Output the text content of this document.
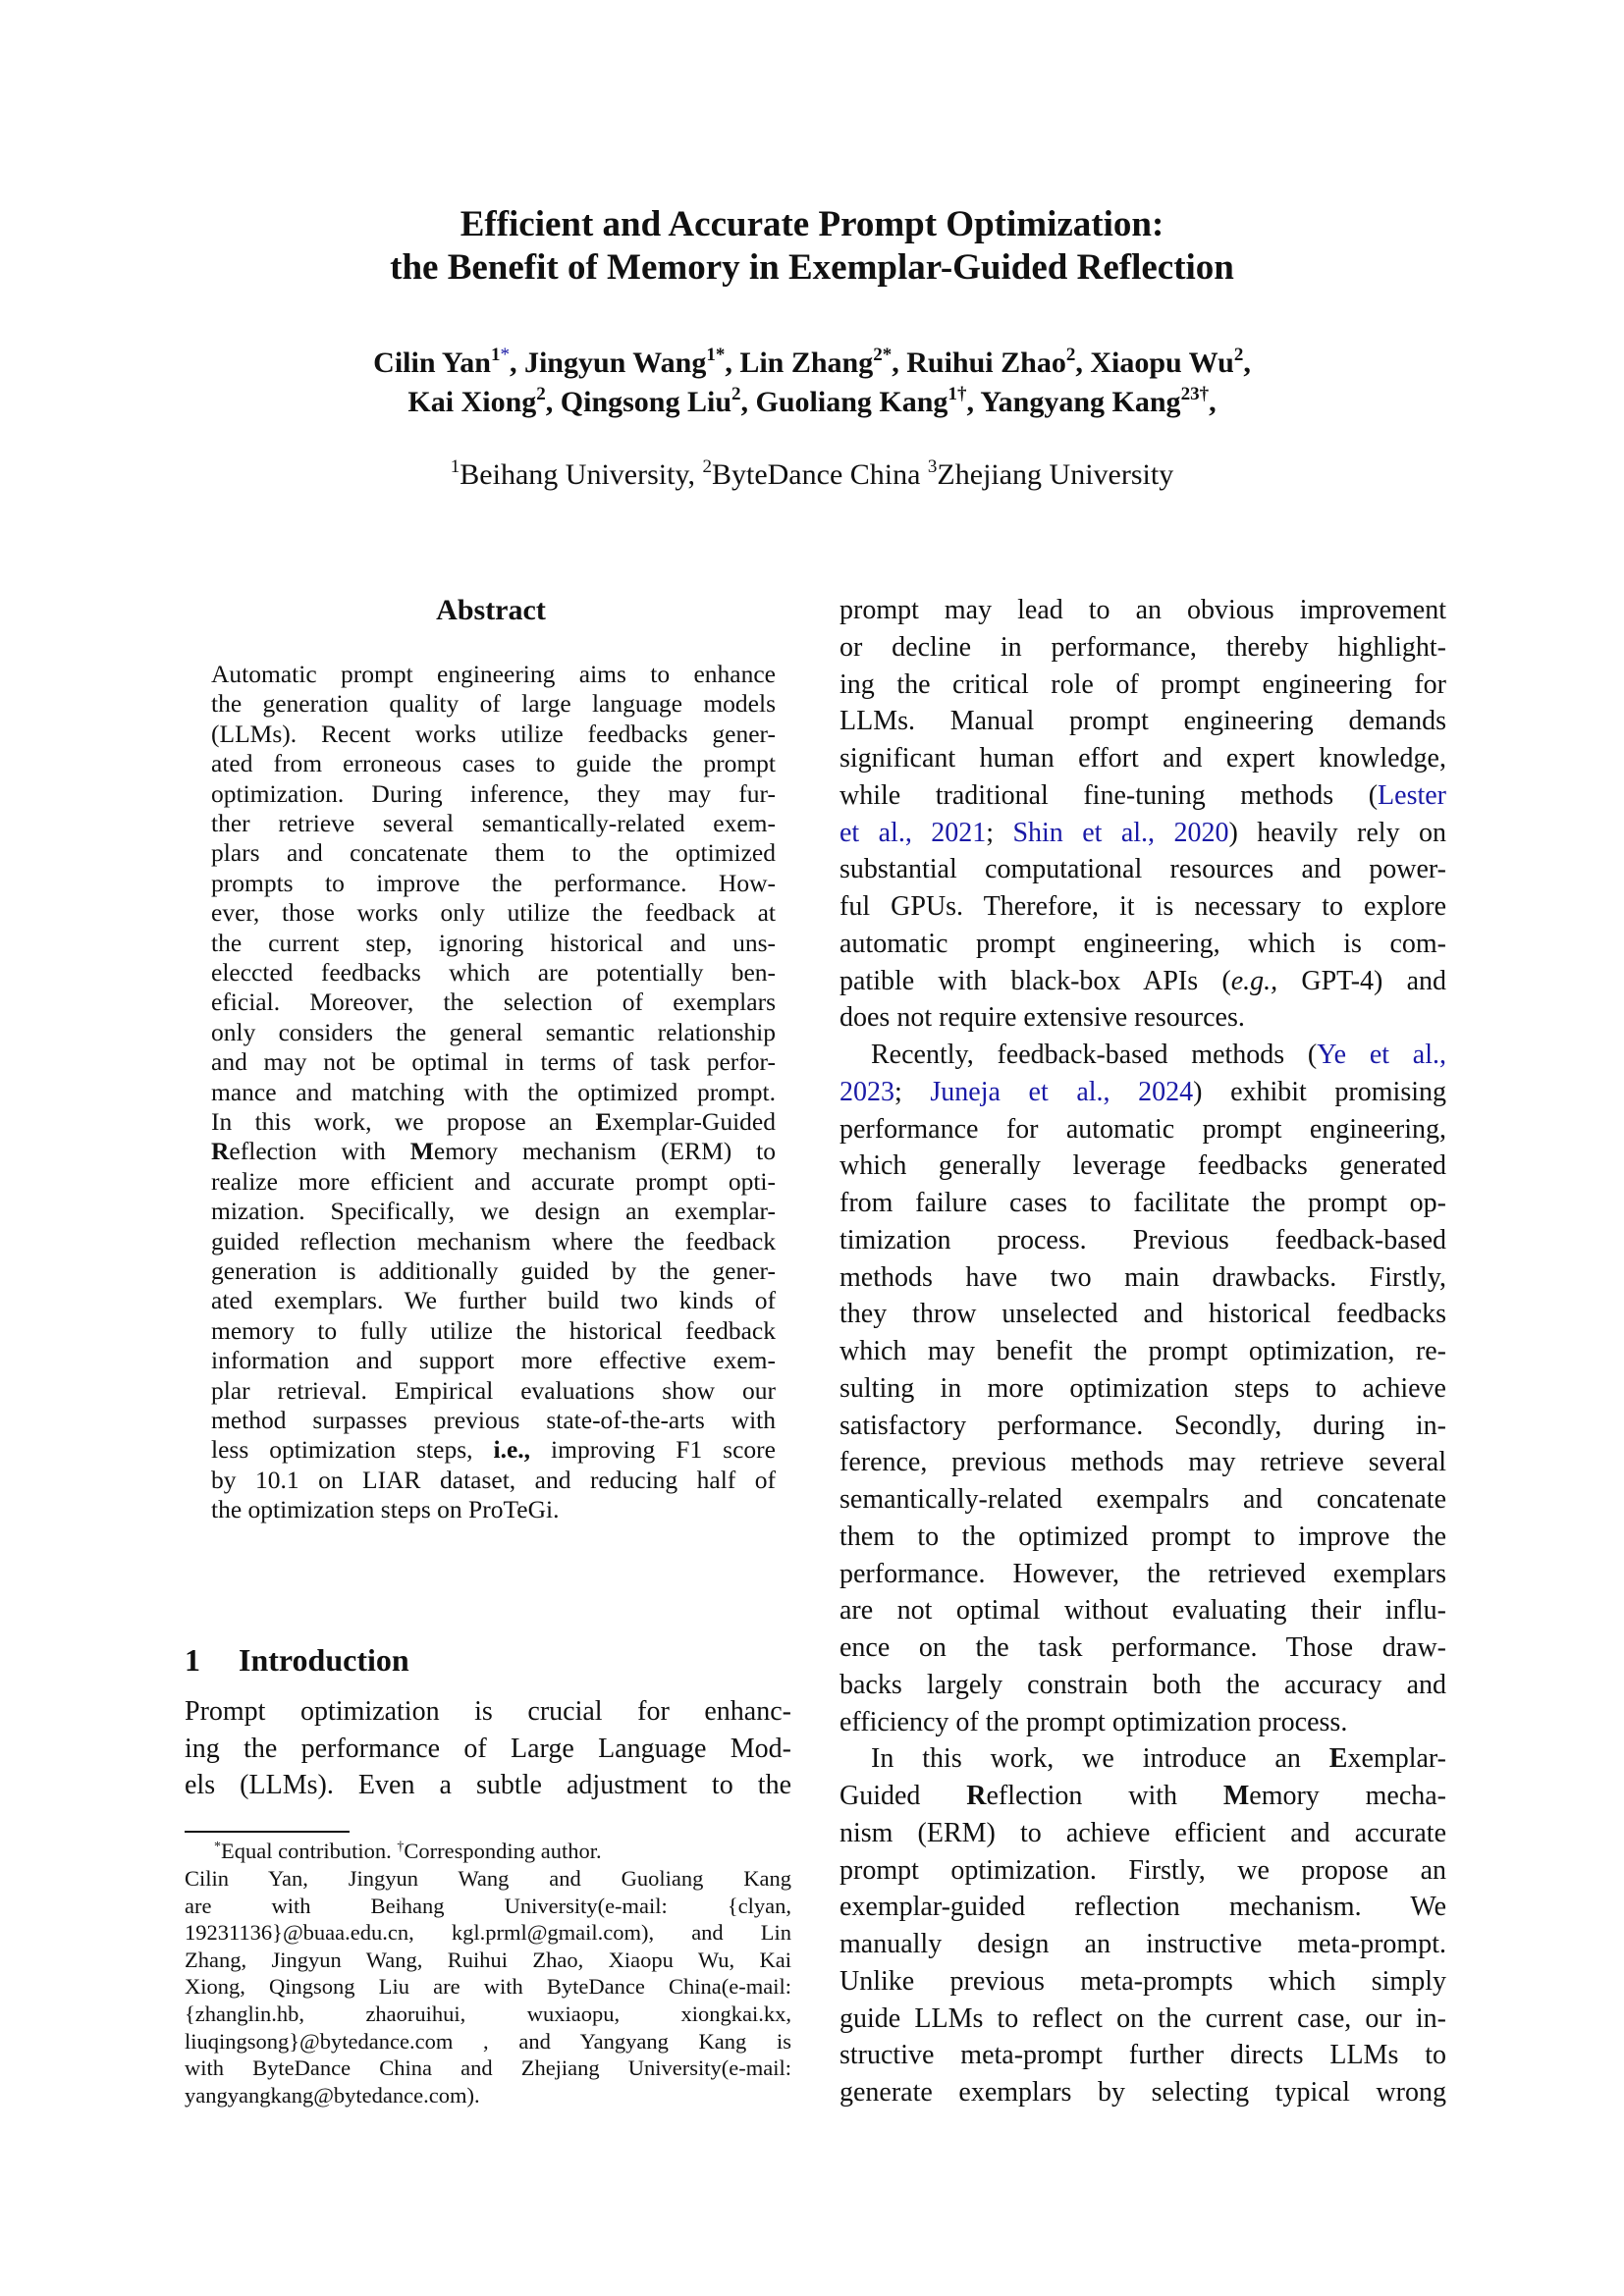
Efficient and Accurate Prompt Optimization:
the Benefit of Memory in Exemplar-Guided Reflection
Cilin Yan$^{1*}$, Jingyun Wang$^{1*}$, Lin Zhang$^{2*}$, Ruihui Zhao$^2$, Xiaopu Wu$^2$,
Kai Xiong$^2$, Qingsong Liu$^2$, Guoliang Kang$^{1\dagger}$, Yangyang Kang$^{23\dagger}$,
$^1$Beihang University, $^2$ByteDance China $^3$Zhejiang University
Abstract
Automatic prompt engineering aims to enhance
the generation quality of large language models
(LLMs). Recent works utilize feedbacks gener-
ated from erroneous cases to guide the prompt
optimization. During inference, they may fur-
ther retrieve several semantically-related exem-
plars and concatenate them to the optimized
prompts to improve the performance. How-
ever, those works only utilize the feedback at
the current step, ignoring historical and uns-
eleccted feedbacks which are potentially ben-
eficial. Moreover, the selection of exemplars
only considers the general semantic relationship
and may not be optimal in terms of task perfor-
mance and matching with the optimized prompt.
In this work, we propose an Exemplar-Guided
Reflection with Memory mechanism (ERM) to
realize more efficient and accurate prompt opti-
mization. Specifically, we design an exemplar-
guided reflection mechanism where the feedback
generation is additionally guided by the gener-
ated exemplars. We further build two kinds of
memory to fully utilize the historical feedback
information and support more effective exem-
plar retrieval. Empirical evaluations show our
method surpasses previous state-of-the-arts with
less optimization steps, i.e., improving F1 score
by 10.1 on LIAR dataset, and reducing half of
the optimization steps on ProTeGi.
1 Introduction
Prompt optimization is crucial for enhanc-
ing the performance of Large Language Mod-
els (LLMs). Even a subtle adjustment to the
*Equal contribution. †Corresponding author.
Cilin Yan, Jingyun Wang and Guoliang Kang
are with Beihang University(e-mail: {clyan,
19231136}@buaa.edu.cn, kgl.prml@gmail.com), and Lin
Zhang, Jingyun Wang, Ruihui Zhao, Xiaopu Wu, Kai
Xiong, Qingsong Liu are with ByteDance China(e-mail:
{zhanglin.hb, zhaoruihui, wuxiaopu, xiongkai.kx,
liuqingsong}@bytedance.com , and Yangyang Kang is
with ByteDance China and Zhejiang University(e-mail:
yangyangkang@bytedance.com).
prompt may lead to an obvious improvement
or decline in performance, thereby highlight-
ing the critical role of prompt engineering for
LLMs. Manual prompt engineering demands
significant human effort and expert knowledge,
while traditional fine-tuning methods (Lester
et al., 2021; Shin et al., 2020) heavily rely on
substantial computational resources and power-
ful GPUs. Therefore, it is necessary to explore
automatic prompt engineering, which is com-
patible with black-box APIs (e.g., GPT-4) and
does not require extensive resources.
Recently, feedback-based methods (Ye et al.,
2023; Juneja et al., 2024) exhibit promising
performance for automatic prompt engineering,
which generally leverage feedbacks generated
from failure cases to facilitate the prompt op-
timization process. Previous feedback-based
methods have two main drawbacks. Firstly,
they throw unselected and historical feedbacks
which may benefit the prompt optimization, re-
sulting in more optimization steps to achieve
satisfactory performance. Secondly, during in-
ference, previous methods may retrieve several
semantically-related exempalrs and concatenate
them to the optimized prompt to improve the
performance. However, the retrieved exemplars
are not optimal without evaluating their influ-
ence on the task performance. Those draw-
backs largely constrain both the accuracy and
efficiency of the prompt optimization process.
In this work, we introduce an Exemplar-
Guided Reflection with Memory mecha-
nism (ERM) to achieve efficient and accurate
prompt optimization. Firstly, we propose an
exemplar-guided reflection mechanism. We
manually design an instructive meta-prompt.
Unlike previous meta-prompts which simply
guide LLMs to reflect on the current case, our in-
structive meta-prompt further directs LLMs to
generate exemplars by selecting typical wrong
